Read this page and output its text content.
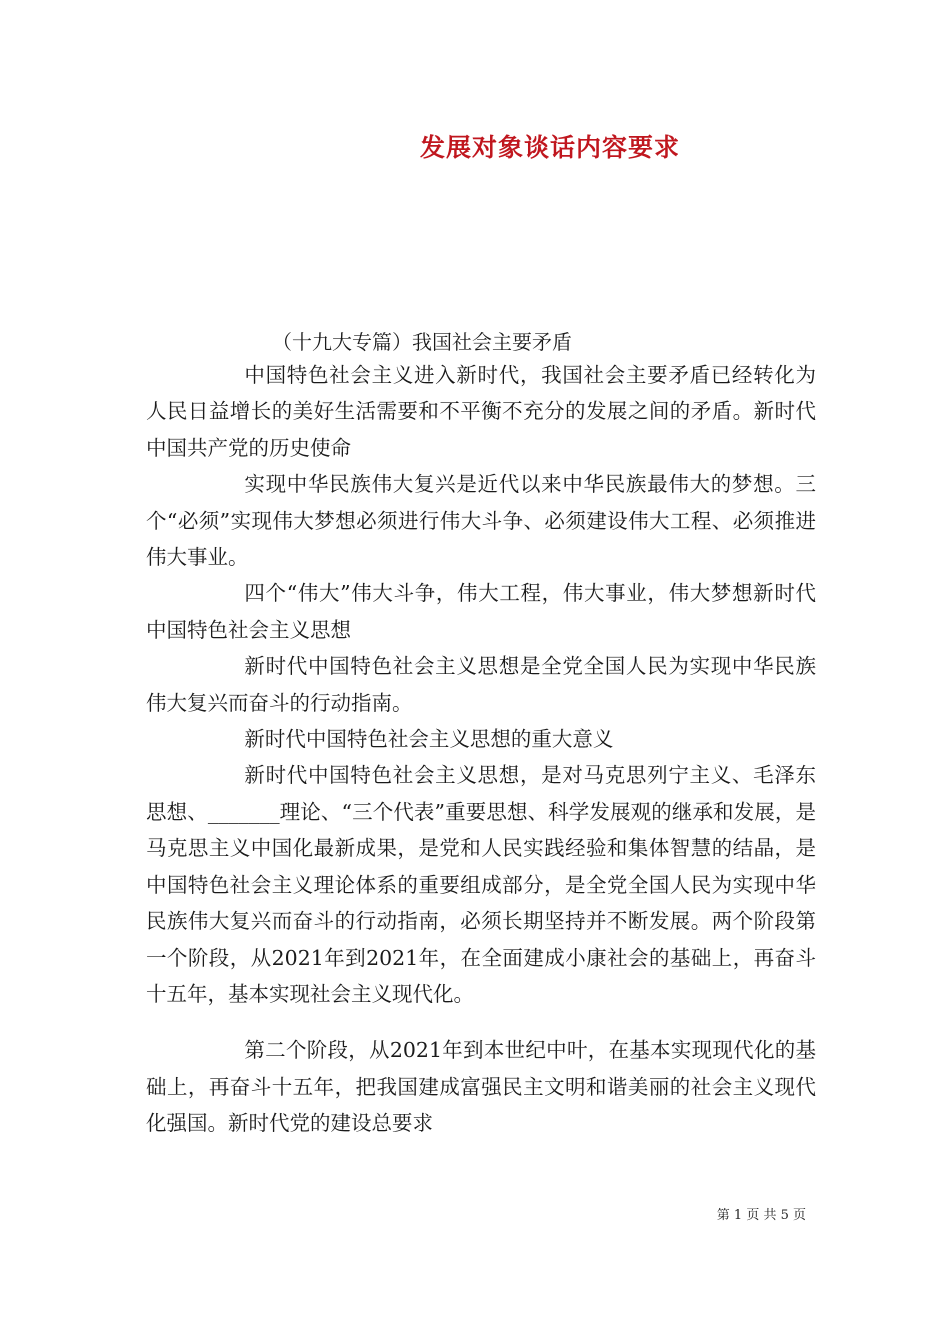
发展对象谈话内容要求
（十九大专篇）我国社会主要矛盾

中国特色社会主义进入新时代，我国社会主要矛盾已经转化为人民日益增长的美好生活需要和不平衡不充分的发展之间的矛盾。新时代中国共产党的历史使命

实现中华民族伟大复兴是近代以来中华民族最伟大的梦想。三个“必须”实现伟大梦想必须进行伟大斗争、必须建设伟大工程、必须推进伟大事业。

四个“伟大”伟大斗争，伟大工程，伟大事业，伟大梦想新时代中国特色社会主义思想

新时代中国特色社会主义思想是全党全国人民为实现中华民族伟大复兴而奋斗的行动指南。

新时代中国特色社会主义思想的重大意义

新时代中国特色社会主义思想，是对马克思列宁主义、毛泽东思想、_______理论、“三个代表”重要思想、科学发展观的继承和发展，是马克思主义中国化最新成果，是党和人民实践经验和集体智慧的结晶，是中国特色社会主义理论体系的重要组成部分，是全党全国人民为实现中华民族伟大复兴而奋斗的行动指南，必须长期坚持并不断发展。两个阶段第一个阶段，从2021年到2021年，在全面建成小康社会的基础上，再奋斗十五年，基本实现社会主义现代化。

第二个阶段，从2021年到本世纪中叶，在基本实现现代化的基础上，再奋斗十五年，把我国建成富强民主文明和谐美丽的社会主义现代化强国。新时代党的建设总要求

第 1 页 共 5 页
